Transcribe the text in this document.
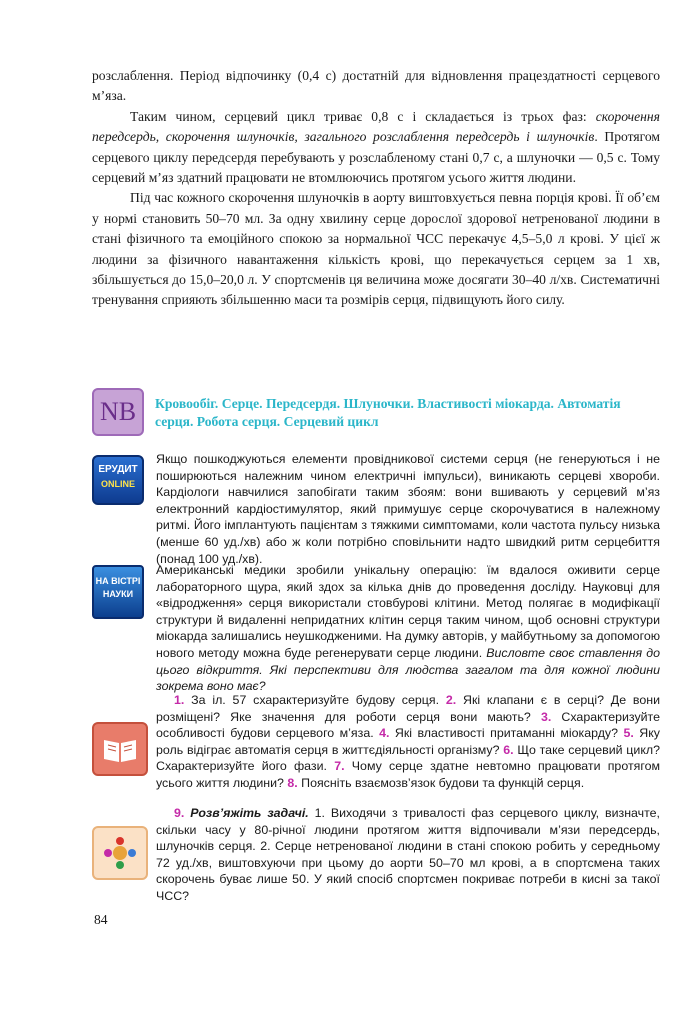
розслаблення. Період відпочинку (0,4 с) достатній для відновлення працездатності серцевого м’яза.

Таким чином, серцевий цикл триває 0,8 с і складається із трьох фаз: скорочення передсердь, скорочення шлуночків, загального розслаблення передсердь і шлуночків. Протягом серцевого циклу передсердя перебувають у розслабленому стані 0,7 с, а шлуночки — 0,5 с. Тому серцевий м’яз здатний працювати не втомлюючись протягом усього життя людини.

Під час кожного скорочення шлуночків в аорту виштовхується певна порція крові. Її об’єм у нормі становить 50–70 мл. За одну хвилину серце дорослої здорової нетренованої людини в стані фізичного та емоційного спокою за нормальної ЧСС перекачує 4,5–5,0 л крові. У цієї ж людини за фізичного навантаження кількість крові, що перекачується серцем за 1 хв, збільшується до 15,0–20,0 л. У спортсменів ця величина може досягати 30–40 л/хв. Систематичні тренування сприяють збільшенню маси та розмірів серця, підвищують його силу.

NB Кровообіг. Серце. Передсердя. Шлуночки. Властивості міокарда. Автоматія серця. Робота серця. Серцевий цикл
ЕРУДИТ
ONLINE

Якщо пошкоджуються елементи провідникової системи серця (не генеруються і не поширюються належним чином електричні імпульси), виникають серцеві хвороби. Кардіологи навчилися запобігати таким збоям: вони вшивають у серцевий м’яз електронний кардіостимулятор, який примушує серце скорочуватися в належному ритмі. Його імплантують пацієнтам з тяжкими симптомами, коли частота пульсу низька (менше 60 уд./хв) або ж коли потрібно сповільнити надто швидкий ритм серцебиття (понад 100 уд./хв).

НА ВІСТРІ
НАУКИ

Американські медики зробили унікальну операцію: їм вдалося оживити серце лабораторного щура, який здох за кілька днів до проведення досліду. Науковці для «відродження» серця використали стовбурові клітини. Метод полягає в модифікації структури й видаленні непридатних клітин серця таким чином, щоб основні структури міокарда залишались неушкодженими. На думку авторів, у майбутньому за допомогою нового методу можна буде регенерувати серце людини. Висловте своє ставлення до цього відкриття. Які перспективи для людства загалом та для кожної людини зокрема воно має?

1. За іл. 57 схарактеризуйте будову серця. 2. Які клапани є в серці? Де вони розміщені? Яке значення для роботи серця вони мають? 3. Схарактеризуйте особливості будови серцевого м’яза. 4. Які властивості притаманні міокарду? 5. Яку роль відіграє автоматія серця в життєдіяльності організму? 6. Що таке серцевий цикл? Схарактеризуйте його фази. 7. Чому серце здатне невтомно працювати протягом усього життя людини? 8. Поясніть взаємозв’язок будови та функцій серця.

9. Розв’яжіть задачі. 1. Виходячи з тривалості фаз серцевого циклу, визначте, скільки часу у 80-річної людини протягом життя відпочивали м’язи передсердь, шлуночків серця. 2. Серце нетренованої людини в стані спокою робить у середньому 72 уд./хв, виштовхуючи при цьому до аорти 50–70 мл крові, а в спортсмена таких скорочень буває лише 50. У який спосіб спортсмен покриває потреби в кисні за такої ЧСС?

84
